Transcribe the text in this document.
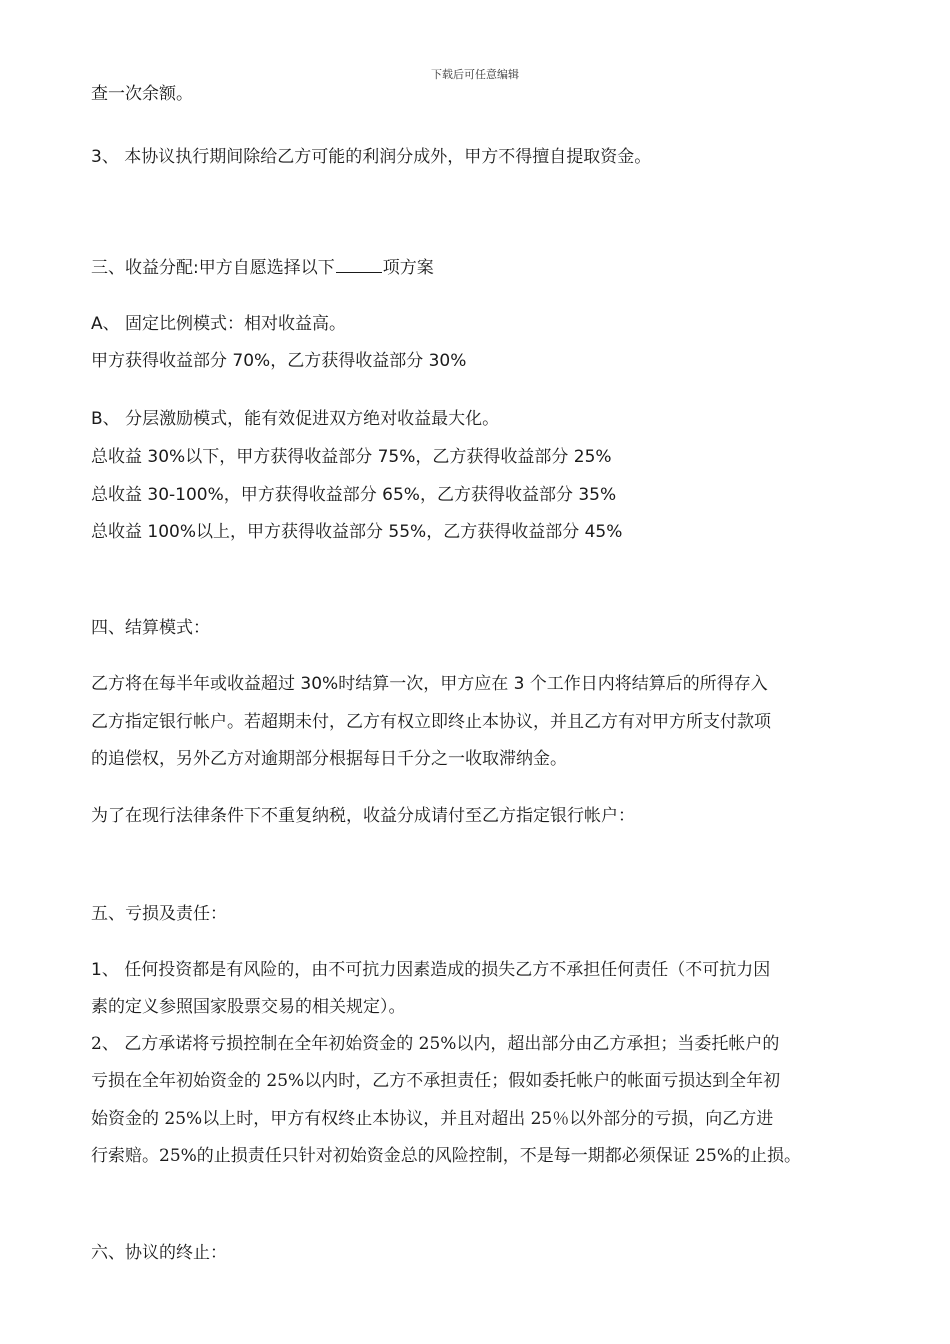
下载后可任意编辑
查一次余额。
3、 本协议执行期间除给乙方可能的利润分成外，甲方不得擅自提取资金。
三、收益分配:甲方自愿选择以下	项方案
A、 固定比例模式：相对收益高。
甲方获得收益部分 70%，乙方获得收益部分 30%
B、 分层激励模式，能有效促进双方绝对收益最大化。
总收益 30%以下，甲方获得收益部分 75%，乙方获得收益部分 25%
总收益 30-100%，甲方获得收益部分 65%，乙方获得收益部分 35%
总收益 100%以上，甲方获得收益部分 55%，乙方获得收益部分 45%
四、结算模式：
乙方将在每半年或收益超过 30%时结算一次，甲方应在 3 个工作日内将结算后的所得存入
乙方指定银行帐户。若超期未付，乙方有权立即终止本协议，并且乙方有对甲方所支付款项
的追偿权，另外乙方对逾期部分根据每日千分之一收取滞纳金。
为了在现行法律条件下不重复纳税，收益分成请付至乙方指定银行帐户：
五、亏损及责任：
1、 任何投资都是有风险的，由不可抗力因素造成的损失乙方不承担任何责任（不可抗力因
素的定义参照国家股票交易的相关规定）。
2、 乙方承诺将亏损控制在全年初始资金的 25%以内，超出部分由乙方承担；当委托帐户的
亏损在全年初始资金的 25%以内时，乙方不承担责任；假如委托帐户的帐面亏损达到全年初
始资金的 25%以上时，甲方有权终止本协议，并且对超出 25％以外部分的亏损，向乙方进
行索赔。25%的止损责任只针对初始资金总的风险控制，不是每一期都必须保证 25%的止损。
六、协议的终止：
